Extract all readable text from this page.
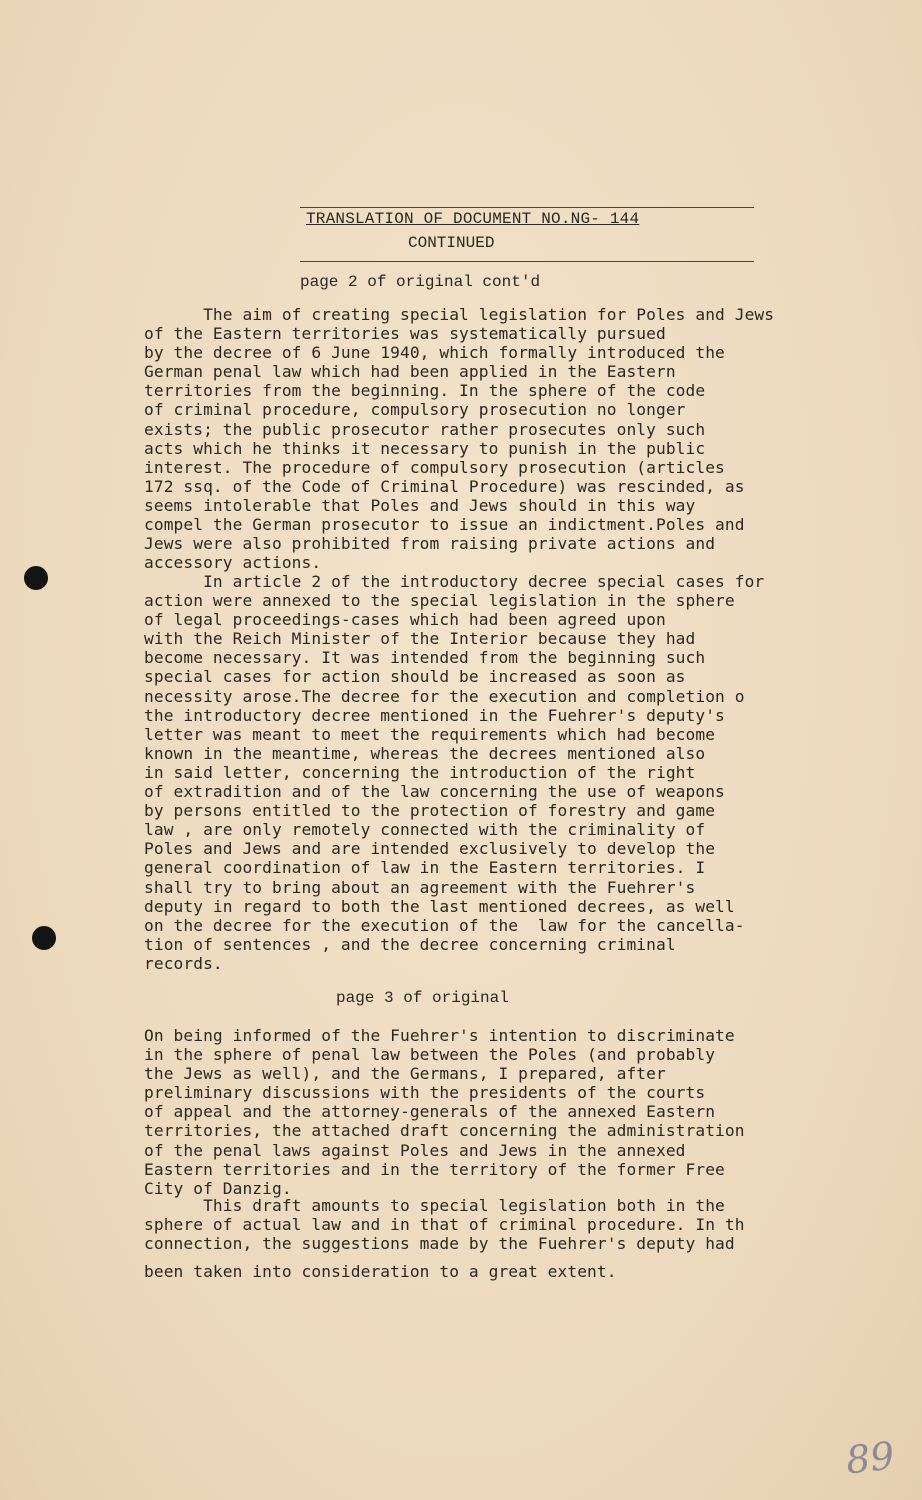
TRANSLATION OF DOCUMENT NO.NG- 144
CONTINUED
page 2 of original cont'd
The aim of creating special legislation for Poles and Jews
of the Eastern territories was systematically pursued
by the decree of 6 June 1940, which formally introduced the
German penal law which had been applied in the Eastern
territories from the beginning. In the sphere of the code
of criminal procedure, compulsory prosecution no longer
exists; the public prosecutor rather prosecutes only such
acts which he thinks it necessary to punish in the public
interest. The procedure of compulsory prosecution (articles
172 ssq. of the Code of Criminal Procedure) was rescinded, as
seems intolerable that Poles and Jews should in this way
compel the German prosecutor to issue an indictment.Poles and
Jews were also prohibited from raising private actions and
accessory actions.
In article 2 of the introductory decree special cases for
action were annexed to the special legislation in the sphere
of legal proceedings-cases which had been agreed upon
with the Reich Minister of the Interior because they had
become necessary. It was intended from the beginning such
special cases for action should be increased as soon as
necessity arose.The decree for the execution and completion o
the introductory decree mentioned in the Fuehrer's deputy's
letter was meant to meet the requirements which had become
known in the meantime, whereas the decrees mentioned also
in said letter, concerning the introduction of the right
of extradition and of the law concerning the use of weapons
by persons entitled to the protection of forestry and game
law , are only remotely connected with the criminality of
Poles and Jews and are intended exclusively to develop the
general coordination of law in the Eastern territories. I
shall try to bring about an agreement with the Fuehrer's
deputy in regard to both the last mentioned decrees, as well
on the decree for the execution of the  law for the cancella-
tion of sentences , and the decree concerning criminal
records.
page 3 of original
On being informed of the Fuehrer's intention to discriminate
in the sphere of penal law between the Poles (and probably
the Jews as well), and the Germans, I prepared, after
preliminary discussions with the presidents of the courts
of appeal and the attorney-generals of the annexed Eastern
territories, the attached draft concerning the administration
of the penal laws against Poles and Jews in the annexed
Eastern territories and in the territory of the former Free
City of Danzig.
This draft amounts to special legislation both in the
sphere of actual law and in that of criminal procedure. In th
connection, the suggestions made by the Fuehrer's deputy had
been taken into consideration to a great extent.
89
